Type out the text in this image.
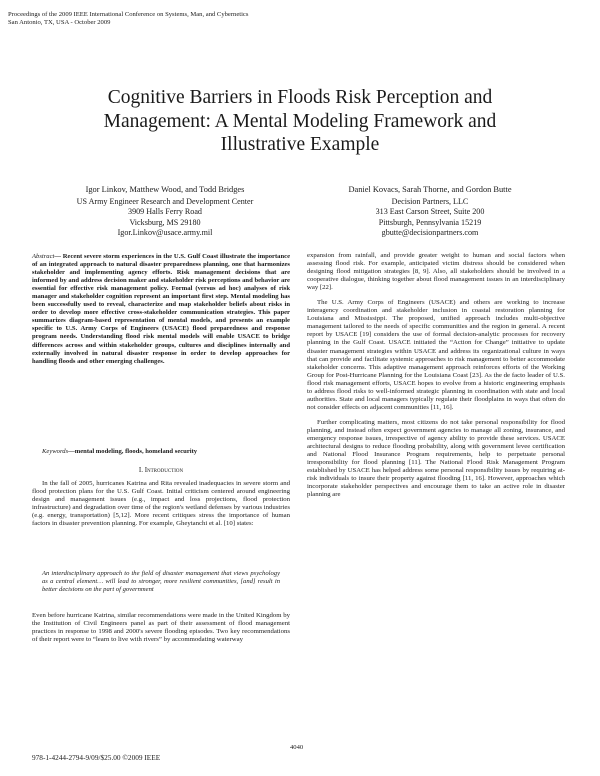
Proceedings of the 2009 IEEE International Conference on Systems, Man, and Cybernetics
San Antonio, TX, USA - October 2009
Cognitive Barriers in Floods Risk Perception and
Management: A Mental Modeling Framework and
Illustrative Example
Igor Linkov, Matthew Wood, and Todd Bridges
US Army Engineer Research and Development Center
3909 Halls Ferry Road
Vicksburg, MS 29180
Igor.Linkov@usace.army.mil
Daniel Kovacs, Sarah Thorne, and Gordon Butte
Decision Partners, LLC
313 East Carson Street, Suite 200
Pittsburgh, Pennsylvania 15219
gbutte@decisionpartners.com
Abstract— Recent severe storm experiences in the U.S. Gulf Coast illustrate the importance of an integrated approach to natural disaster preparedness planning, one that harmonizes stakeholder and implementing agency efforts. Risk management decisions that are informed by and address decision maker and stakeholder risk perceptions and behavior are essential for effective risk management policy. Formal (versus ad hoc) analyses of risk manager and stakeholder cognition represent an important first step. Mental modeling has been successfully used to reveal, characterize and map stakeholder beliefs about risks in order to develop more effective cross-stakeholder communication strategies. This paper summarizes diagram-based representation of mental models, and presents an example specific to U.S. Army Corps of Engineers (USACE) flood preparedness and response program needs. Understanding flood risk mental models will enable USACE to bridge differences across and within stakeholder groups, cultures and disciplines internally and externally involved in natural disaster response in order to develop approaches for handling floods and other emerging challenges.
Keywords—mental modeling, floods, homeland security
I. Introduction

In the fall of 2005, hurricanes Katrina and Rita revealed inadequacies in severe storm and flood protection plans for the U.S. Gulf Coast. Initial criticism centered around engineering design and management issues (e.g., impact and loss projections, flood protection infrastructure) and degradation over time of the region's wetland defenses by various industries (e.g. energy, transportation) [5,12]. More recent critiques stress the importance of human factors in disaster prevention planning. For example, Gheytanchi et al. [10] states:

An interdisciplinary approach to the field of disaster management that views psychology as a central element… will lead to stronger, more resilient communities, [and] result in better decisions on the part of government

Even before hurricane Katrina, similar recommendations were made in the United Kingdom by the Institution of Civil Engineers panel as part of their assessment of flood management practices in response to 1998 and 2000's severe flooding episodes. Two key recommendations of their report were to “learn to live with rivers” by accommodating waterway

expansion from rainfall, and provide greater weight to human and social factors when assessing flood risk. For example, anticipated victim distress should be considered when designing flood mitigation strategies [8, 9]. Also, all stakeholders should be involved in a cooperative dialogue, thinking together about flood management issues in an interdisciplinary way [22].

The U.S. Army Corps of Engineers (USACE) and others are working to increase interagency coordination and stakeholder inclusion in coastal restoration planning for Louisiana and Mississippi. The proposed, unified approach includes multi-objective management tailored to the needs of specific communities and the region in general. A recent report by USACE [19] considers the use of formal decision-analytic processes for recovery planning in the Gulf Coast. USACE initiated the “Action for Change” initiative to update disaster management strategies within USACE and address its organizational culture in ways that can provide and facilitate systemic approaches to risk management to better accommodate stakeholder concerns. This adaptive management approach reinforces efforts of the Working Group for Post-Hurricane Planning for the Louisiana Coast [23]. As the de facto leader of U.S. flood risk management efforts, USACE hopes to evolve from a historic engineering emphasis to address flood risks to well-informed strategic planning in coordination with state and local authorities. State and local managers typically regulate their floodplains in ways that often do not consider effects on adjacent communities [11, 16].

Further complicating matters, most citizens do not take personal responsibility for flood planning, and instead often expect government agencies to manage all zoning, insurance, and emergency response issues, irrespective of agency ability to provide these services. USACE architectural designs to reduce flooding probability, along with government levee certification and National Flood Insurance Program requirements, help to perpetuate personal irresponsibility for flood planning [11]. The National Flood Risk Management Program established by USACE has helped address some personal responsibility issues by requiring at-risk individuals to insure their property against flooding [11, 16]. However, approaches which incorporate stakeholder perspectives and encourage them to take an active role in disaster planning are

4040
978-1-4244-2794-9/09/$25.00 ©2009 IEEE
